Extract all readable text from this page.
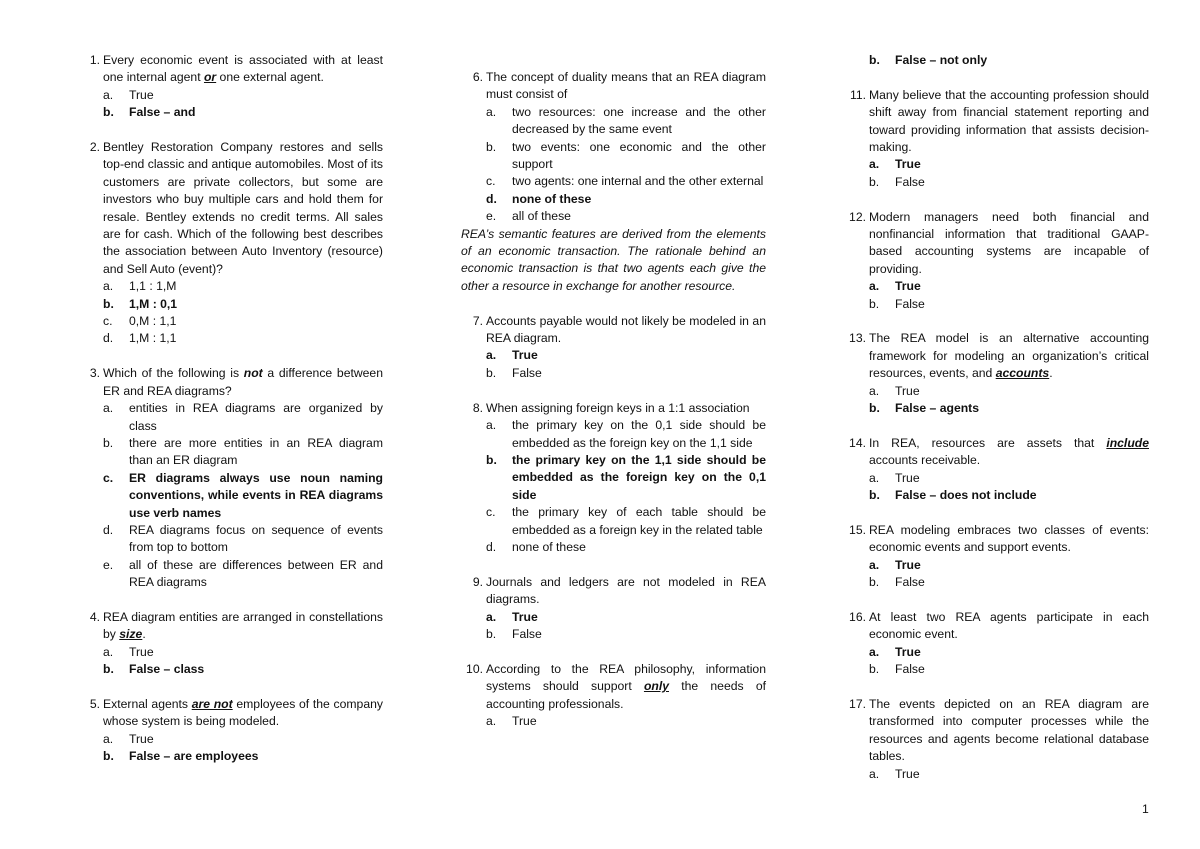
1. Every economic event is associated with at least one internal agent or one external agent.
a. True
b. False – and
2. Bentley Restoration Company restores and sells top-end classic and antique automobiles. Most of its customers are private collectors, but some are investors who buy multiple cars and hold them for resale. Bentley extends no credit terms. All sales are for cash. Which of the following best describes the association between Auto Inventory (resource) and Sell Auto (event)?
a. 1,1 : 1,M
b. 1,M : 0,1
c. 0,M : 1,1
d. 1,M : 1,1
3. Which of the following is not a difference between ER and REA diagrams?
a. entities in REA diagrams are organized by class
b. there are more entities in an REA diagram than an ER diagram
c. ER diagrams always use noun naming conventions, while events in REA diagrams use verb names
d. REA diagrams focus on sequence of events from top to bottom
e. all of these are differences between ER and REA diagrams
4. REA diagram entities are arranged in constellations by size.
a. True
b. False – class
5. External agents are not employees of the company whose system is being modeled.
a. True
b. False – are employees
6. The concept of duality means that an REA diagram must consist of
a. two resources: one increase and the other decreased by the same event
b. two events: one economic and the other support
c. two agents: one internal and the other external
d. none of these
e. all of these
REA’s semantic features are derived from the elements of an economic transaction. The rationale behind an economic transaction is that two agents each give the other a resource in exchange for another resource.
7. Accounts payable would not likely be modeled in an REA diagram.
a. True
b. False
8. When assigning foreign keys in a 1:1 association
a. the primary key on the 0,1 side should be embedded as the foreign key on the 1,1 side
b. the primary key on the 1,1 side should be embedded as the foreign key on the 0,1 side
c. the primary key of each table should be embedded as a foreign key in the related table
d. none of these
9. Journals and ledgers are not modeled in REA diagrams.
a. True
b. False
10. According to the REA philosophy, information systems should support only the needs of accounting professionals.
a. True
b. False – not only
11. Many believe that the accounting profession should shift away from financial statement reporting and toward providing information that assists decision-making.
a. True
b. False
12. Modern managers need both financial and nonfinancial information that traditional GAAP-based accounting systems are incapable of providing.
a. True
b. False
13. The REA model is an alternative accounting framework for modeling an organization’s critical resources, events, and accounts.
a. True
b. False – agents
14. In REA, resources are assets that include accounts receivable.
a. True
b. False – does not include
15. REA modeling embraces two classes of events: economic events and support events.
a. True
b. False
16. At least two REA agents participate in each economic event.
a. True
b. False
17. The events depicted on an REA diagram are transformed into computer processes while the resources and agents become relational database tables.
a. True
1
